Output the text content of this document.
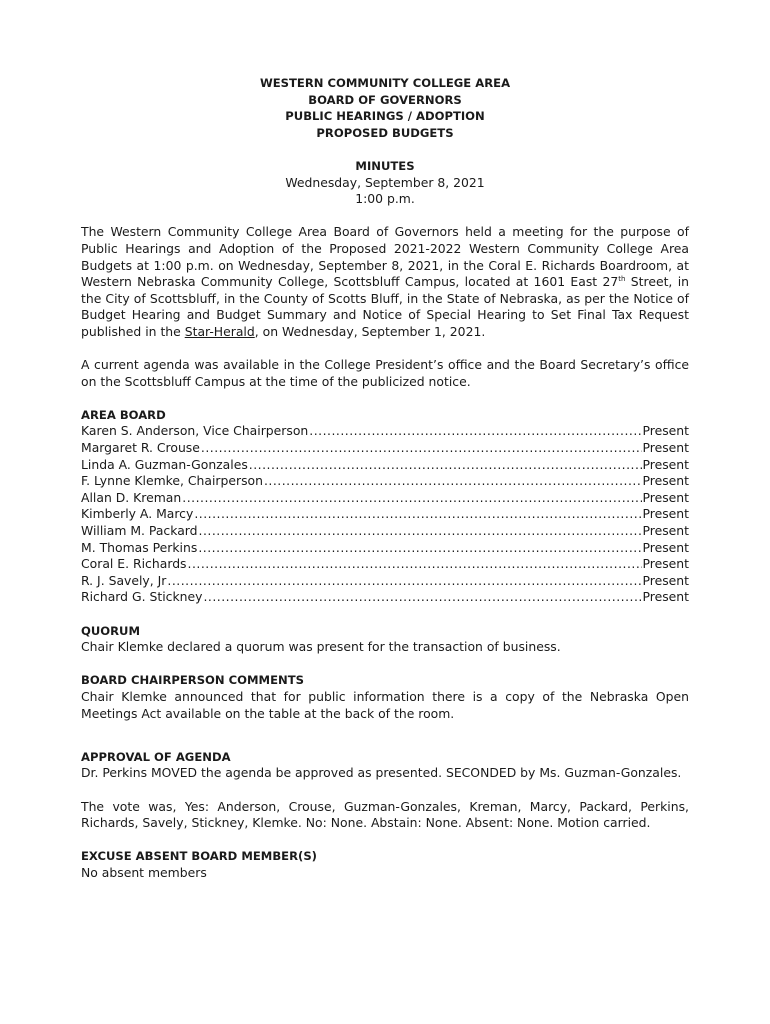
WESTERN COMMUNITY COLLEGE AREA
BOARD OF GOVERNORS
PUBLIC HEARINGS / ADOPTION
PROPOSED BUDGETS
MINUTES
Wednesday, September 8, 2021
1:00 p.m.

The Western Community College Area Board of Governors held a meeting for the purpose of Public Hearings and Adoption of the Proposed 2021-2022 Western Community College Area Budgets at 1:00 p.m. on Wednesday, September 8, 2021, in the Coral E. Richards Boardroom, at Western Nebraska Community College, Scottsbluff Campus, located at 1601 East 27th Street, in the City of Scottsbluff, in the County of Scotts Bluff, in the State of Nebraska, as per the Notice of Budget Hearing and Budget Summary and Notice of Special Hearing to Set Final Tax Request published in the Star-Herald, on Wednesday, September 1, 2021.

A current agenda was available in the College President’s office and the Board Secretary’s office on the Scottsbluff Campus at the time of the publicized notice.

AREA BOARD
Karen S. Anderson, Vice Chairperson .....	Present
Margaret R. Crouse .....	Present
Linda A. Guzman-Gonzales .....	Present
F. Lynne Klemke, Chairperson .....	Present
Allan D. Kreman .....	Present
Kimberly A. Marcy .....	Present
William M. Packard .....	Present
M. Thomas Perkins .....	Present
Coral E. Richards .....	Present
R. J. Savely, Jr .....	Present
Richard G. Stickney .....	Present
QUORUM
Chair Klemke declared a quorum was present for the transaction of business.
BOARD CHAIRPERSON COMMENTS

Chair Klemke announced that for public information there is a copy of the Nebraska Open Meetings Act available on the table at the back of the room.

APPROVAL OF AGENDA

Dr. Perkins MOVED the agenda be approved as presented. SECONDED by Ms. Guzman-Gonzales.

The vote was, Yes: Anderson, Crouse, Guzman-Gonzales, Kreman, Marcy, Packard, Perkins, Richards, Savely, Stickney, Klemke. No: None. Abstain: None. Absent: None. Motion carried.

EXCUSE ABSENT BOARD MEMBER(S)
No absent members
